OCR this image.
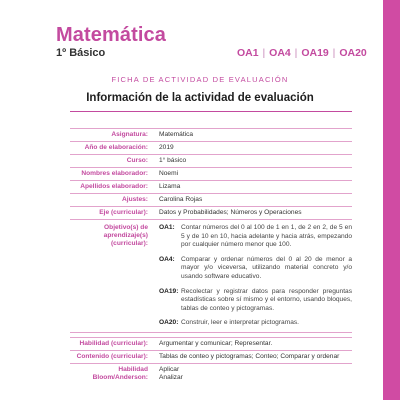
Matemática
1º Básico	OA1 | OA4 | OA19 | OA20
FICHA DE ACTIVIDAD DE EVALUACIÓN
Información de la actividad de evaluación
Asignatura:	Matemática
Año de elaboración:	2019
Curso:	1° básico
Nombres elaborador:	Noemi
Apellidos elaborador:	Lizama
Ajustes:	Carolina Rojas
Eje (curricular):	Datos y Probabilidades; Números y Operaciones
Objetivo(s) de aprendizaje(s) (curricular):
OA1: Contar números del 0 al 100 de 1 en 1, de 2 en 2, de 5 en 5 y de 10 en 10, hacia adelante y hacia atrás, empezando por cualquier número menor que 100.
OA4: Comparar y ordenar números del 0 al 20 de menor a mayor y/o viceversa, utilizando material concreto y/o usando software educativo.
OA19: Recolectar y registrar datos para responder preguntas estadísticas sobre sí mismo y el entorno, usando bloques, tablas de conteo y pictogramas.
OA20: Construir, leer e interpretar pictogramas.
Habilidad (curricular):	Argumentar y comunicar; Representar.
Contenido (curricular):	Tablas de conteo y pictogramas; Conteo; Comparar y ordenar
Habilidad Bloom/Anderson:
Aplicar
Analizar
